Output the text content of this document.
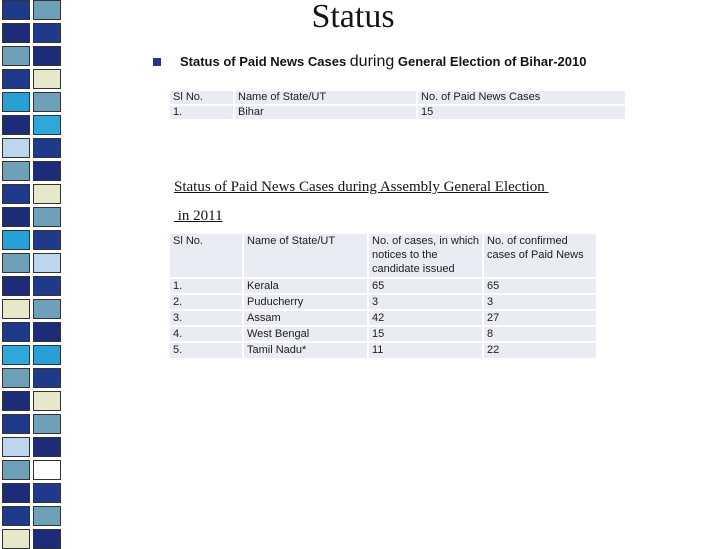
Status
Status of Paid News Cases during General Election of Bihar-2010
Sl No.	Name of State/UT	No. of Paid News Cases
1.	Bihar	15
Status of Paid News Cases during Assembly General Election
in 2011
Sl No.	Name of State/UT	No. of cases, in which notices to the candidate issued	No. of confirmed cases of Paid News
1.	Kerala	65	65
2.	Puducherry	3	3
3.	Assam	42	27
4.	West Bengal	15	8
5.	Tamil Nadu*	11	22
